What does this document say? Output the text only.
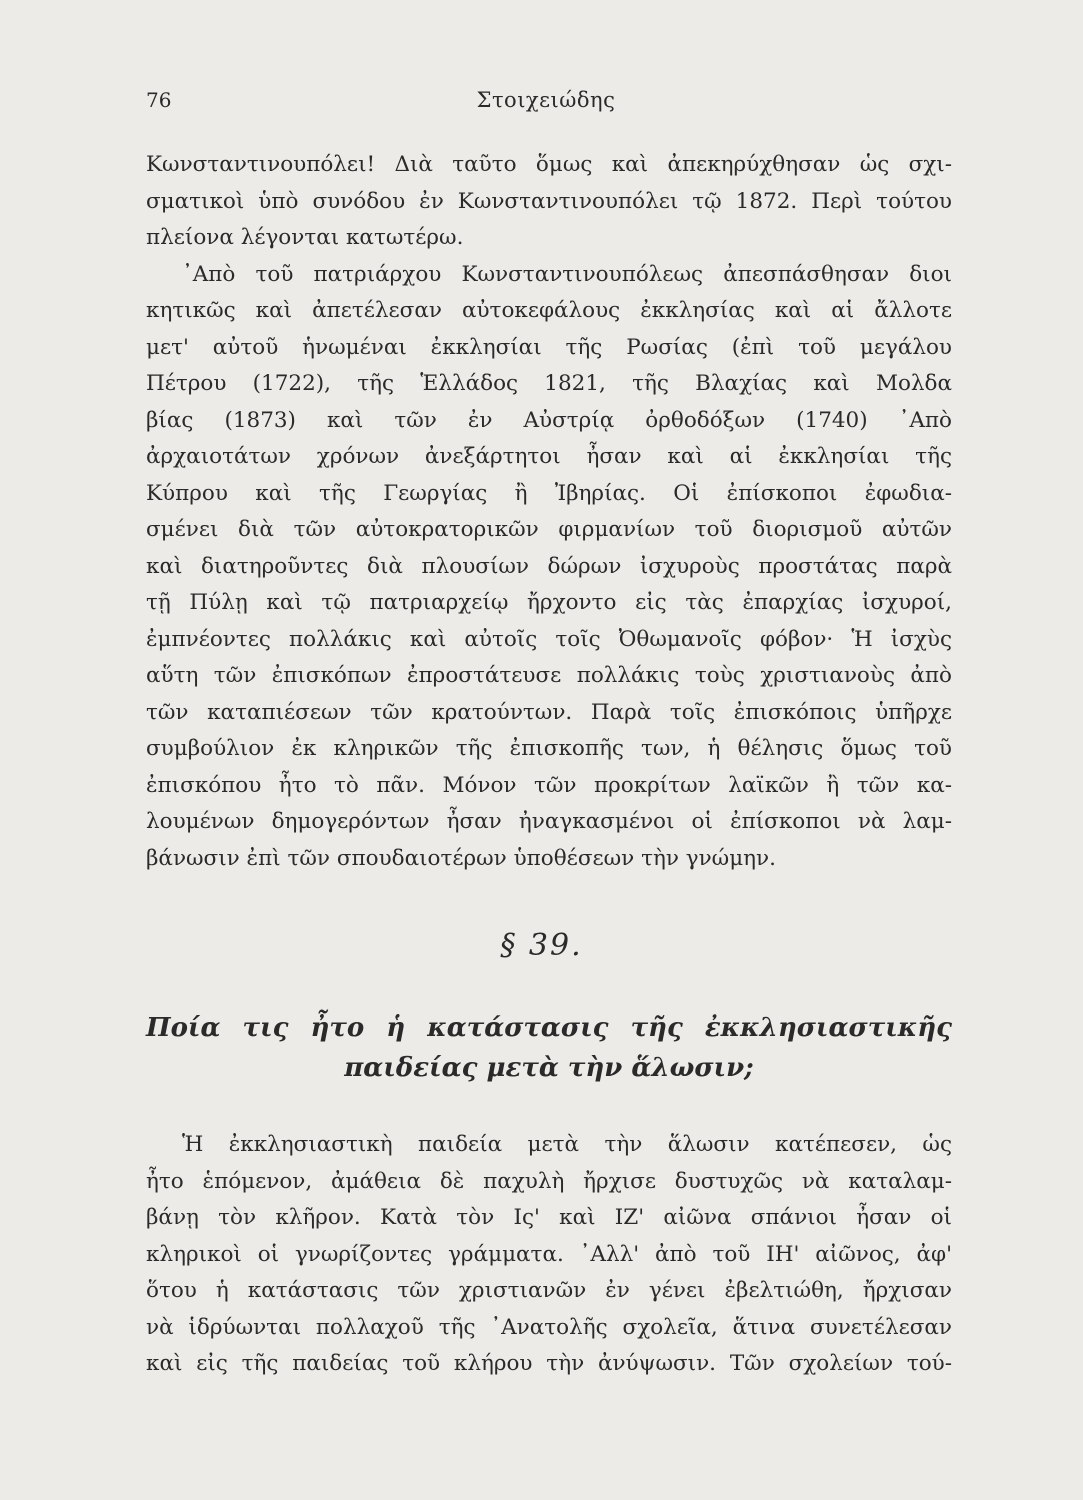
76	Στοιχειώδης
Κωνσταντινουπόλει! Διὰ ταῦτο ὅμως καὶ ἀπεκηρύχθησαν ὡς σχι-
σματικοὶ ὑπὸ συνόδου ἐν Κωνσταντινουπόλει τῷ 1872. Περὶ τούτου
πλείονα λέγονται κατωτέρω.
᾿Απὸ τοῦ πατριάρχου Κωνσταντινουπόλεως ἀπεσπάσθησαν διοι
κητικῶς καὶ ἀπετέλεσαν αὐτοκεφάλους ἐκκλησίας καὶ αἱ ἄλλοτε
μετ' αὐτοῦ ἡνωμέναι ἐκκλησίαι τῆς Ρωσίας (ἐπὶ τοῦ μεγάλου
Πέτρου (1722), τῆς Ἑλλάδος 1821, τῆς Βλαχίας καὶ Μολδα
βίας (1873) καὶ τῶν ἐν Αὐστρίᾳ ὀρθοδόξων (1740) ᾿Απὸ
ἀρχαιοτάτων χρόνων ἀνεξάρτητοι ἦσαν καὶ αἱ ἐκκλησίαι τῆς
Κύπρου καὶ τῆς Γεωργίας ἢ Ἰβηρίας. Οἱ ἐπίσκοποι ἐφωδια-
σμένει διὰ τῶν αὐτοκρατορικῶν φιρμανίων τοῦ διορισμοῦ αὐτῶν
καὶ διατηροῦντες διὰ πλουσίων δώρων ἰσχυροὺς προστάτας παρὰ
τῇ Πύλῃ καὶ τῷ πατριαρχείῳ ἤρχοντο εἰς τὰς ἐπαρχίας ἰσχυροί,
ἐμπνέοντες πολλάκις καὶ αὐτοῖς τοῖς Ὀθωμανοῖς φόβον· Ἡ ἰσχὺς
αὕτη τῶν ἐπισκόπων ἐπροστάτευσε πολλάκις τοὺς χριστιανοὺς ἀπὸ
τῶν καταπιέσεων τῶν κρατούντων. Παρὰ τοῖς ἐπισκόποις ὑπῆρχε
συμβούλιον ἐκ κληρικῶν τῆς ἐπισκοπῆς των, ἡ θέλησις ὅμως τοῦ
ἐπισκόπου ἦτο τὸ πᾶν. Μόνον τῶν προκρίτων λαϊκῶν ἢ τῶν κα-
λουμένων δημογερόντων ἦσαν ἠναγκασμένοι οἱ ἐπίσκοποι νὰ λαμ-
βάνωσιν ἐπὶ τῶν σπουδαιοτέρων ὑποθέσεων τὴν γνώμην.
§ 39.
Ποία τις ἦτο ἡ κατάστασις τῆς ἐκκλησιαστικῆς
παιδείας μετὰ τὴν ἅλωσιν;
Ἡ ἐκκλησιαστικὴ παιδεία μετὰ τὴν ἅλωσιν κατέπεσεν, ὡς
ἦτο ἑπόμενον, ἀμάθεια δὲ παχυλὴ ἤρχισε δυστυχῶς νὰ καταλαμ-
βάνῃ τὸν κλῆρον. Κατὰ τὸν Ις' καὶ ΙΖ' αἰῶνα σπάνιοι ἦσαν οἱ
κληρικοὶ οἱ γνωρίζοντες γράμματα. ᾿Αλλ' ἀπὸ τοῦ ΙΗ' αἰῶνος, ἀφ'
ὅτου ἡ κατάστασις τῶν χριστιανῶν ἐν γένει ἐβελτιώθη, ἤρχισαν
νὰ ἱδρύωνται πολλαχοῦ τῆς ᾿Ανατολῆς σχολεῖα, ἅτινα συνετέλεσαν
καὶ εἰς τῆς παιδείας τοῦ κλήρου τὴν ἀνύψωσιν. Τῶν σχολείων τού-
